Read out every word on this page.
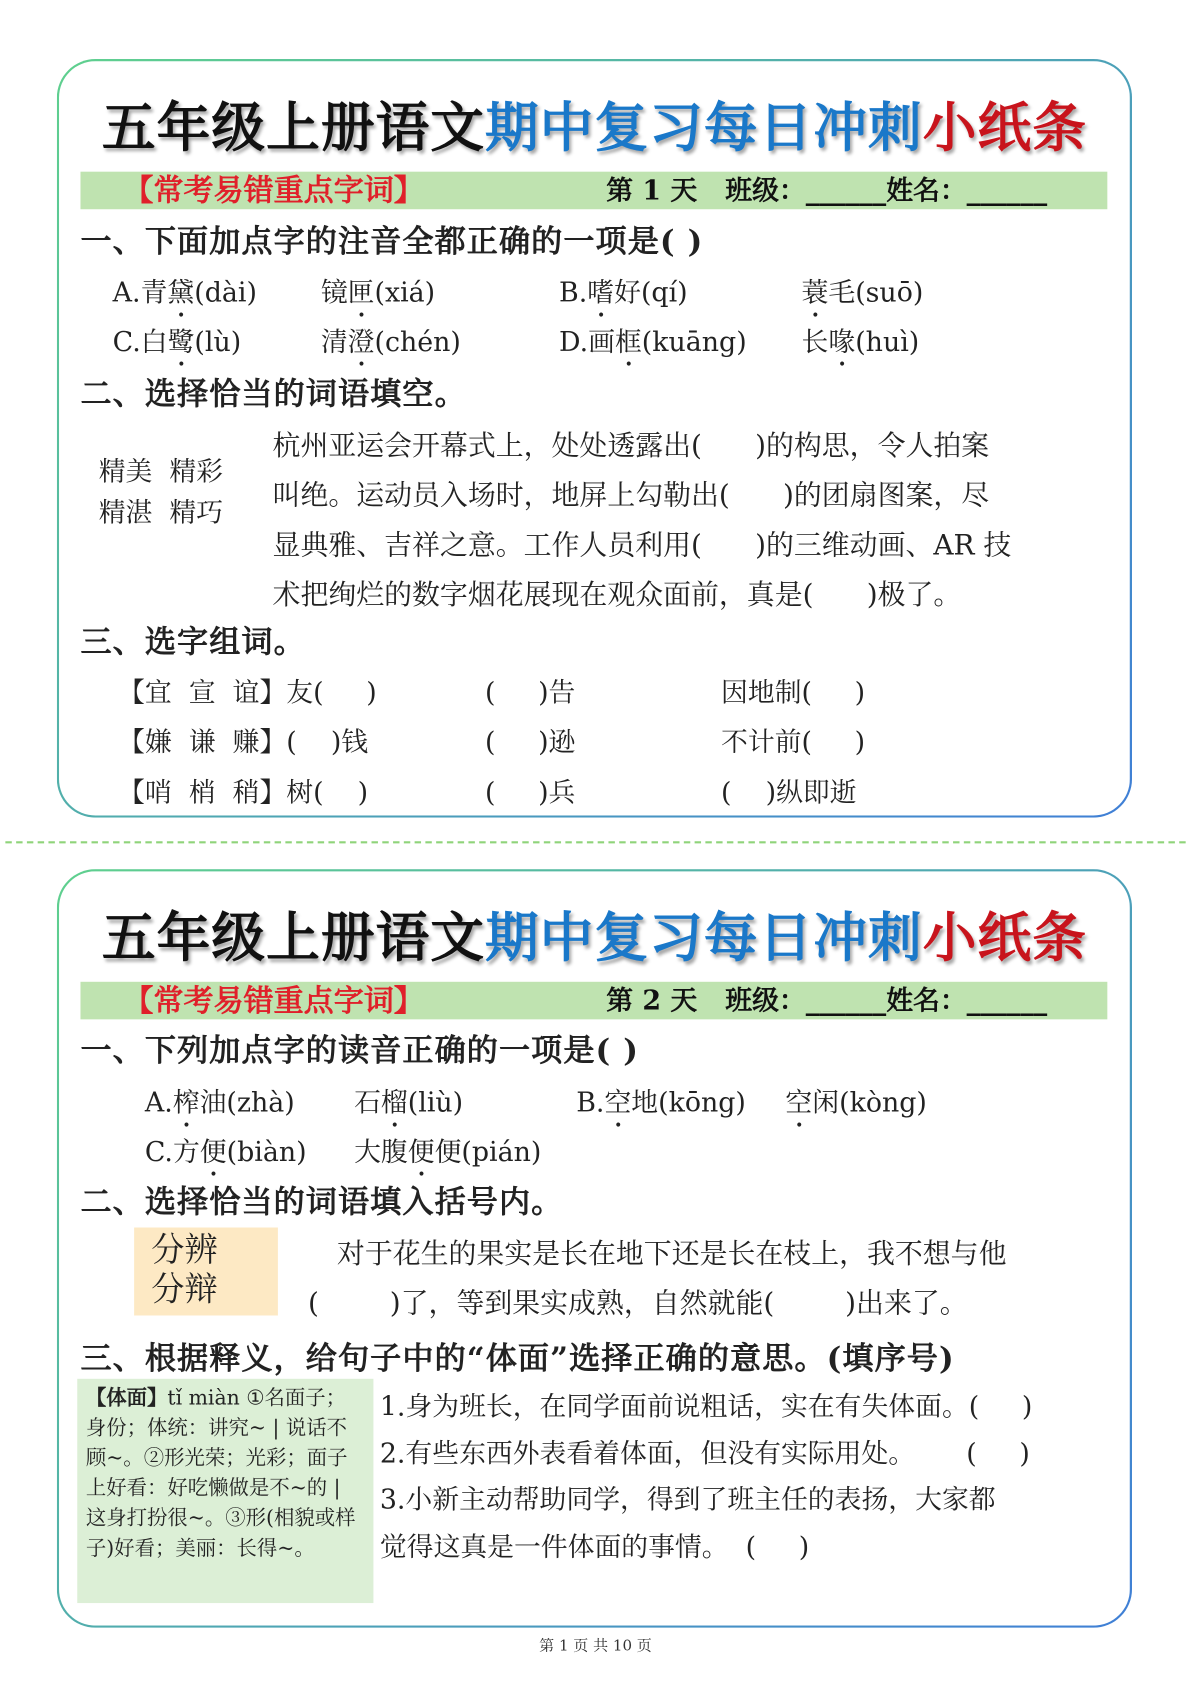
五年级上册语文期中复习每日冲刺小纸条
【常考易错重点字词】	第 1 天   班级：______姓名：______
一、下面加点字的注音全都正确的一项是( )
A.青黛(dài)	镜匣(xiá)	B.嗜好(qí)	蓑毛(suō)
C.白鹭(lù)	清澄(chén)	D.画框(kuāng) 长喙(huì)
二、选择恰当的词语填空。
精美  精彩
精湛  精巧
杭州亚运会开幕式上，处处透露出(      )的构思，令人拍案
叫绝。运动员入场时，地屏上勾勒出(      )的团扇图案，尽
显典雅、吉祥之意。工作人员利用(      )的三维动画、AR 技
术把绚烂的数字烟花展现在观众面前，真是(      )极了。
三、选字组词。
【宜  宣  谊】友(     )	(     )告	因地制(     )
【嫌  谦  赚】(    )钱	(     )逊	不计前(     )
【哨  梢  稍】树(    )	(     )兵	(    )纵即逝
五年级上册语文期中复习每日冲刺小纸条
【常考易错重点字词】	第 2 天   班级：______姓名：______
一、下列加点字的读音正确的一项是( )
A.榨油(zhà) 石榴(liù)	B.空地(kōng) 空闲(kòng)
C.方便(biàn) 大腹便便(pián)
二、选择恰当的词语填入括号内。
分辨
分辩
对于花生的果实是长在地下还是长在枝上，我不想与他
(        )了，等到果实成熟，自然就能(        )出来了。
三、根据释义，给句子中的“体面”选择正确的意思。(填序号)
【体面】tǐ miàn ①名面子；身份；体统：讲究~ | 说话不顾~。②形光荣；光彩；面子上好看：好吃懒做是不~的 | 这身打扮很~。③形(相貌或样子)好看；美丽：长得~。
1.身为班长，在同学面前说粗话，实在有失体面。(     )
2.有些东西外表看着体面，但没有实际用处。      (     )
3.小新主动帮助同学，得到了班主任的表扬，大家都
觉得这真是一件体面的事情。  (     )
第 1 页 共 10 页
